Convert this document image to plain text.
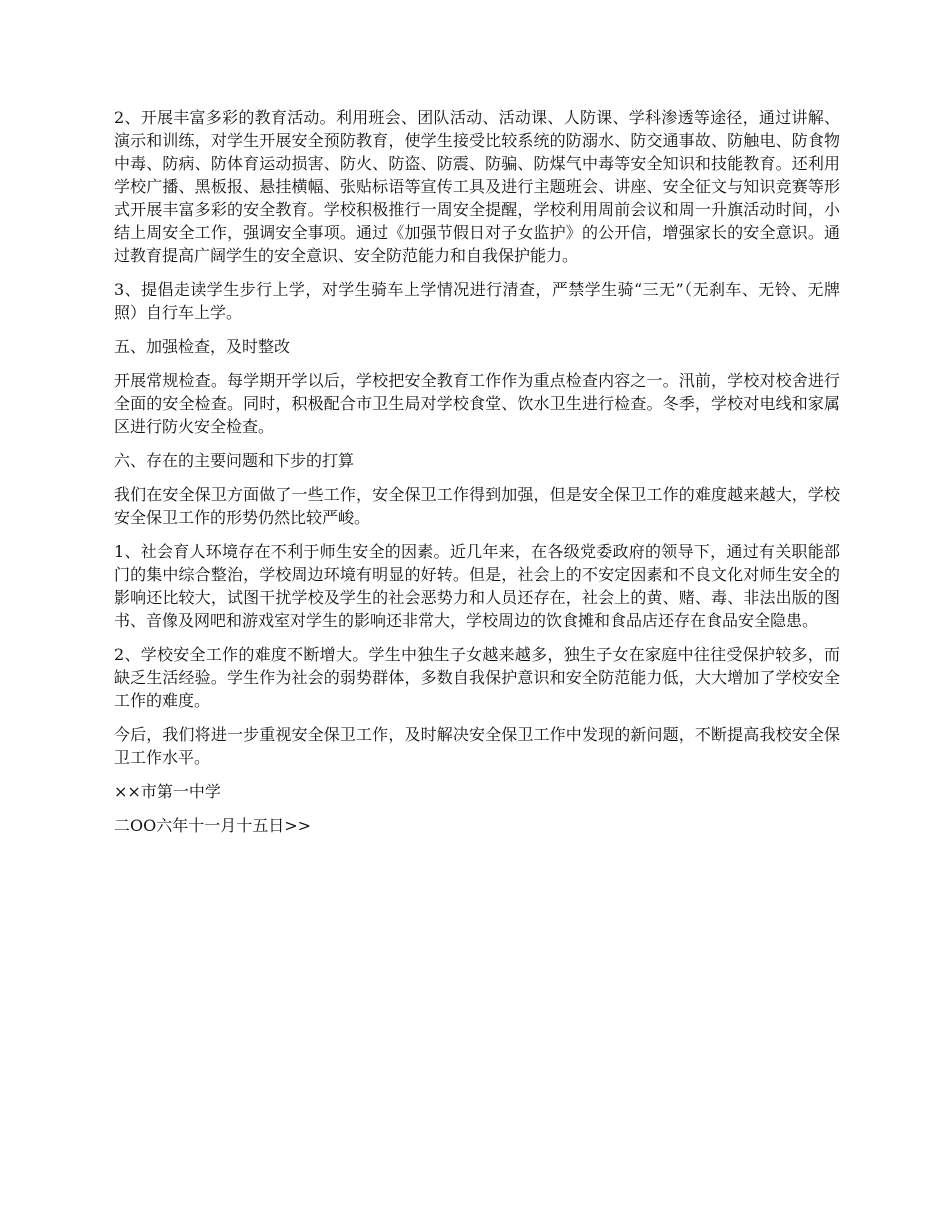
2、开展丰富多彩的教育活动。利用班会、团队活动、活动课、人防课、学科渗透等途径，通过讲解、演示和训练，对学生开展安全预防教育，使学生接受比较系统的防溺水、防交通事故、防触电、防食物中毒、防病、防体育运动损害、防火、防盗、防震、防骗、防煤气中毒等安全知识和技能教育。还利用学校广播、黑板报、悬挂横幅、张贴标语等宣传工具及进行主题班会、讲座、安全征文与知识竞赛等形式开展丰富多彩的安全教育。学校积极推行一周安全提醒，学校利用周前会议和周一升旗活动时间，小结上周安全工作，强调安全事项。通过《加强节假日对子女监护》的公开信，增强家长的安全意识。通过教育提高广阔学生的安全意识、安全防范能力和自我保护能力。

3、提倡走读学生步行上学，对学生骑车上学情况进行清查，严禁学生骑“三无”（无刹车、无铃、无牌照）自行车上学。

五、加强检查，及时整改

开展常规检查。每学期开学以后，学校把安全教育工作作为重点检查内容之一。汛前，学校对校舍进行全面的安全检查。同时，积极配合市卫生局对学校食堂、饮水卫生进行检查。冬季，学校对电线和家属区进行防火安全检查。

六、存在的主要问题和下步的打算

我们在安全保卫方面做了一些工作，安全保卫工作得到加强，但是安全保卫工作的难度越来越大，学校安全保卫工作的形势仍然比较严峻。

1、社会育人环境存在不利于师生安全的因素。近几年来，在各级党委政府的领导下，通过有关职能部门的集中综合整治，学校周边环境有明显的好转。但是，社会上的不安定因素和不良文化对师生安全的影响还比较大，试图干扰学校及学生的社会恶势力和人员还存在，社会上的黄、赌、毒、非法出版的图书、音像及网吧和游戏室对学生的影响还非常大，学校周边的饮食摊和食品店还存在食品安全隐患。

2、学校安全工作的难度不断增大。学生中独生子女越来越多，独生子女在家庭中往往受保护较多，而缺乏生活经验。学生作为社会的弱势群体，多数自我保护意识和安全防范能力低，大大增加了学校安全工作的难度。

今后，我们将进一步重视安全保卫工作，及时解决安全保卫工作中发现的新问题，不断提高我校安全保卫工作水平。

××市第一中学

二OO六年十一月十五日>>
